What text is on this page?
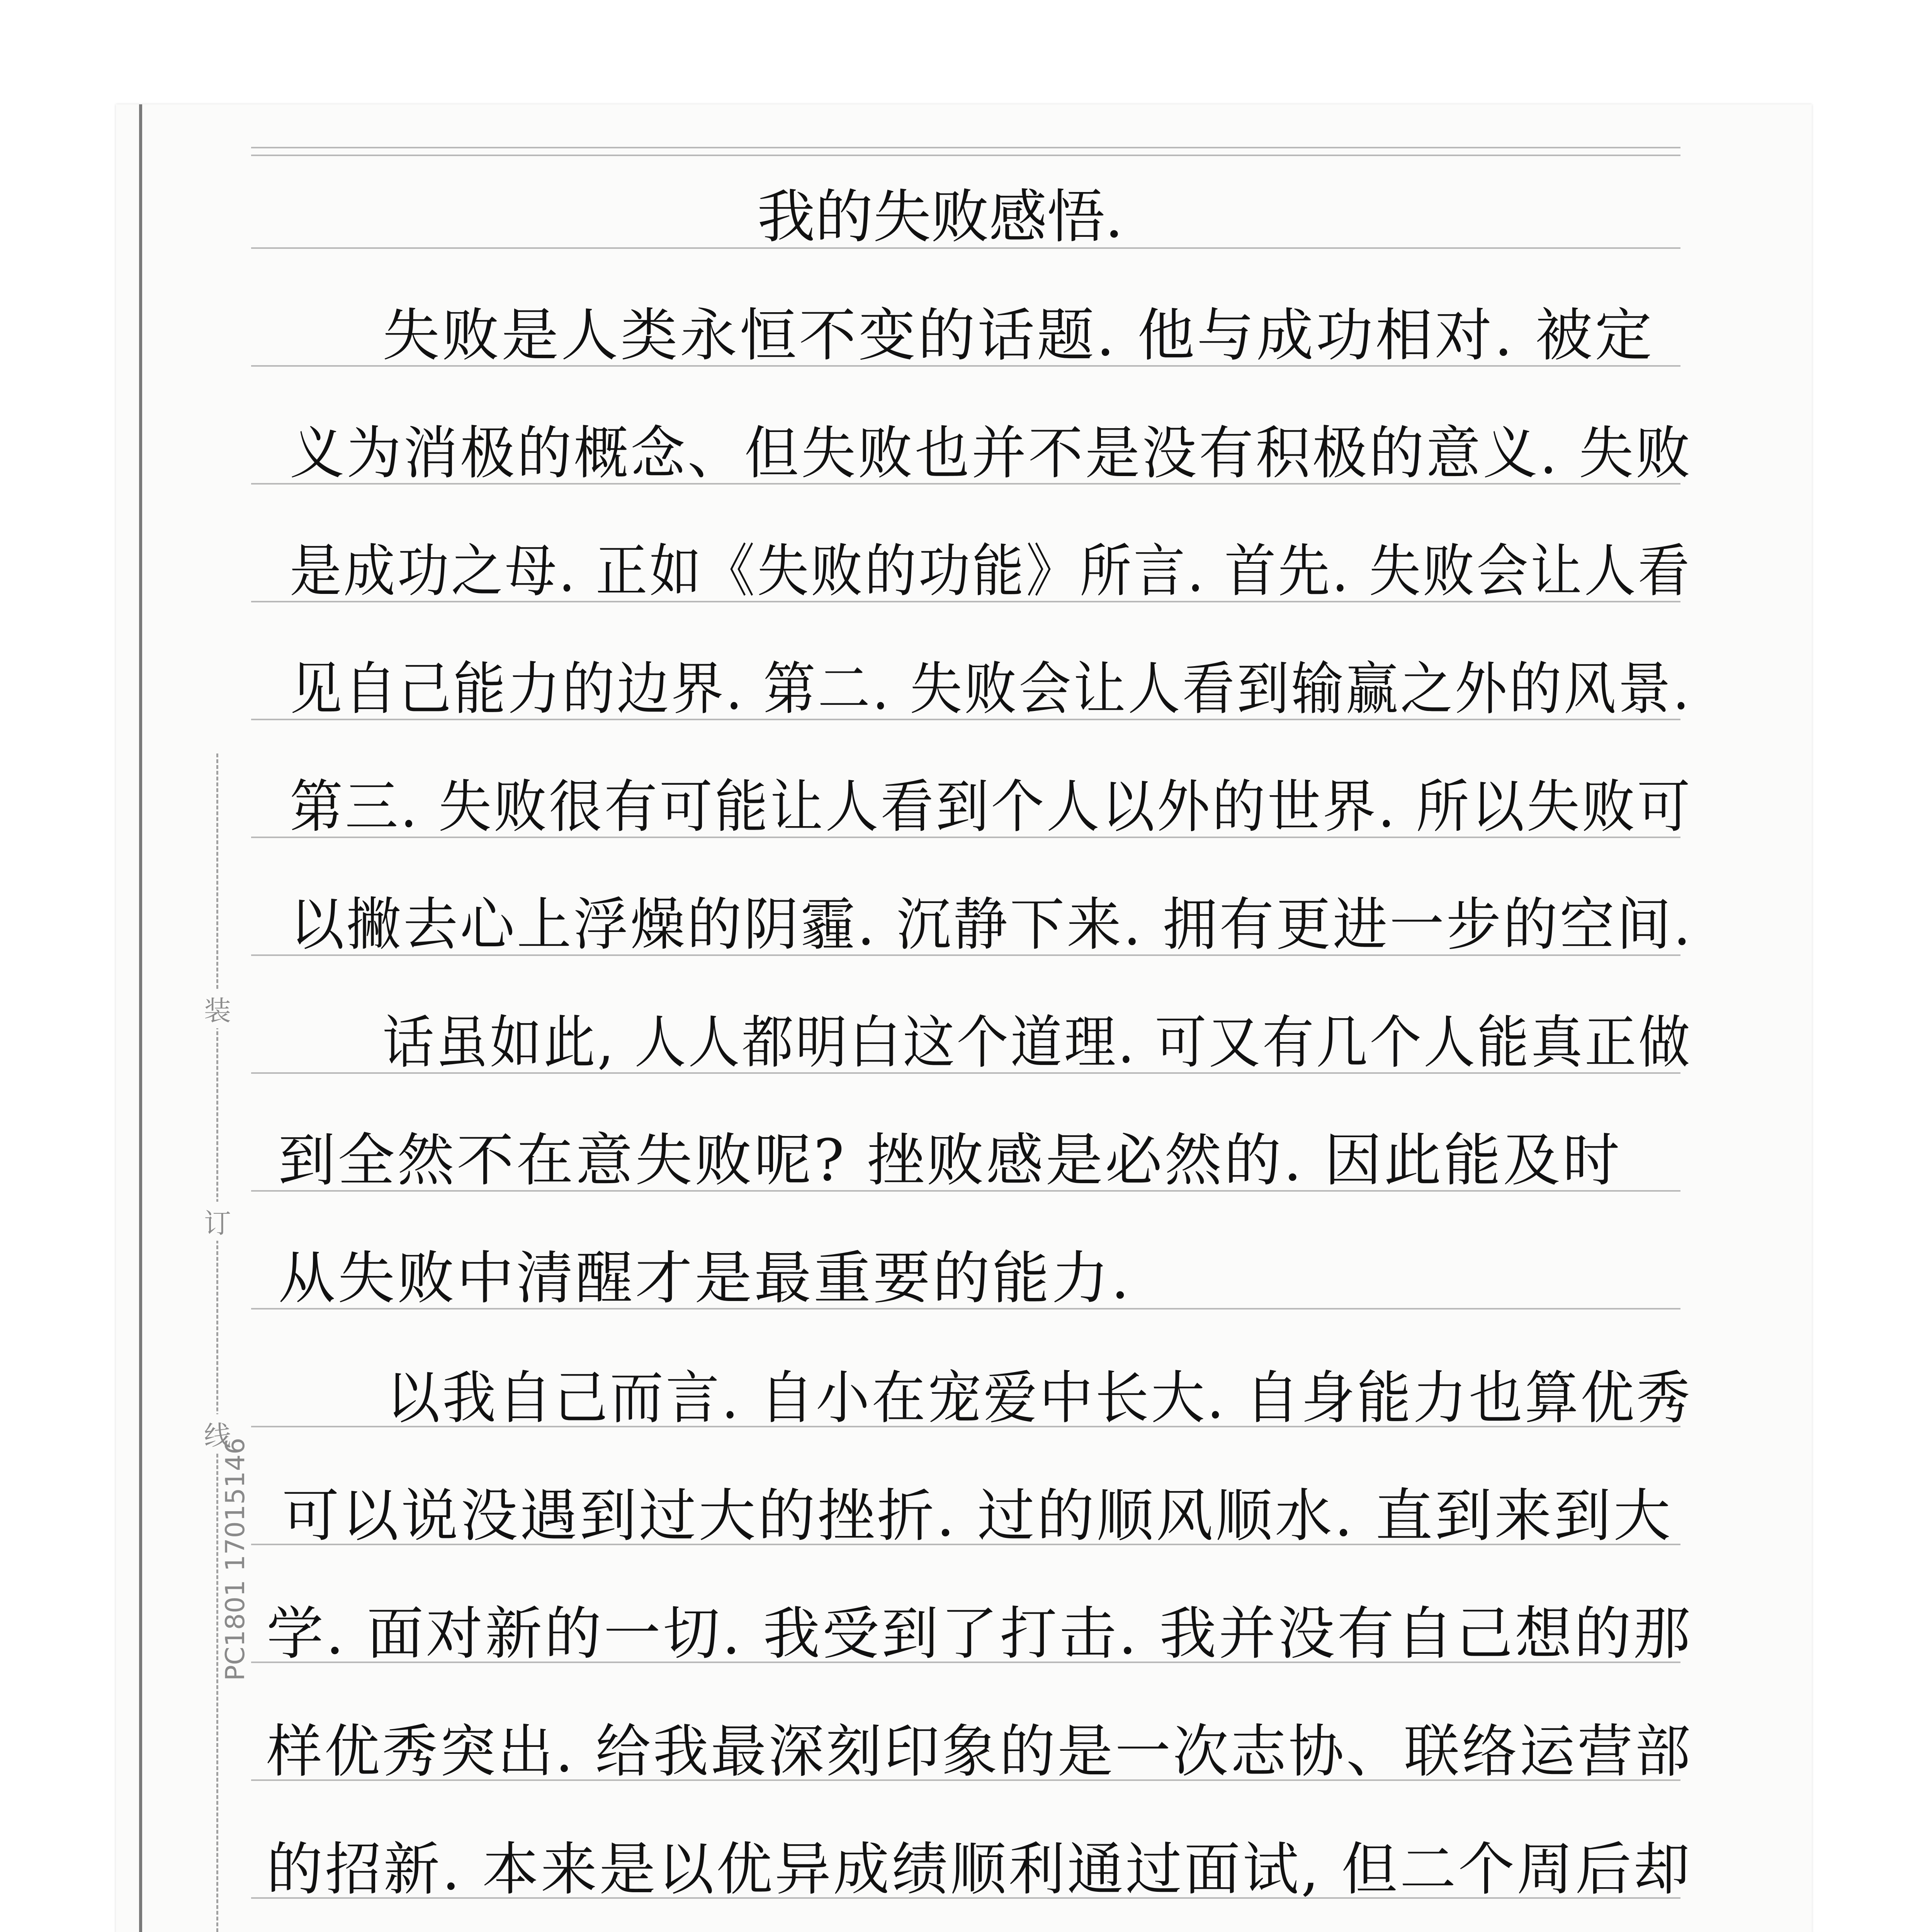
装
订
线
PC1801 17015146
我的失败感悟.
失败是人类永恒不变的话题. 他与成功相对. 被定
义为消极的概念、但失败也并不是没有积极的意义. 失败
是成功之母. 正如《失败的功能》所言. 首先. 失败会让人看
见自己能力的边界. 第二. 失败会让人看到输赢之外的风景.
第三. 失败很有可能让人看到个人以外的世界. 所以失败可
以撇去心上浮燥的阴霾. 沉静下来. 拥有更进一步的空间.
话虽如此, 人人都明白这个道理. 可又有几个人能真正做
到全然不在意失败呢? 挫败感是必然的. 因此能及时
从失败中清醒才是最重要的能力.
以我自己而言. 自小在宠爱中长大. 自身能力也算优秀
可以说没遇到过大的挫折. 过的顺风顺水. 直到来到大
学. 面对新的一切. 我受到了打击. 我并没有自己想的那
样优秀突出. 给我最深刻印象的是一次志协、联络运营部
的招新. 本来是以优异成绩顺利通过面试, 但二个周后却
